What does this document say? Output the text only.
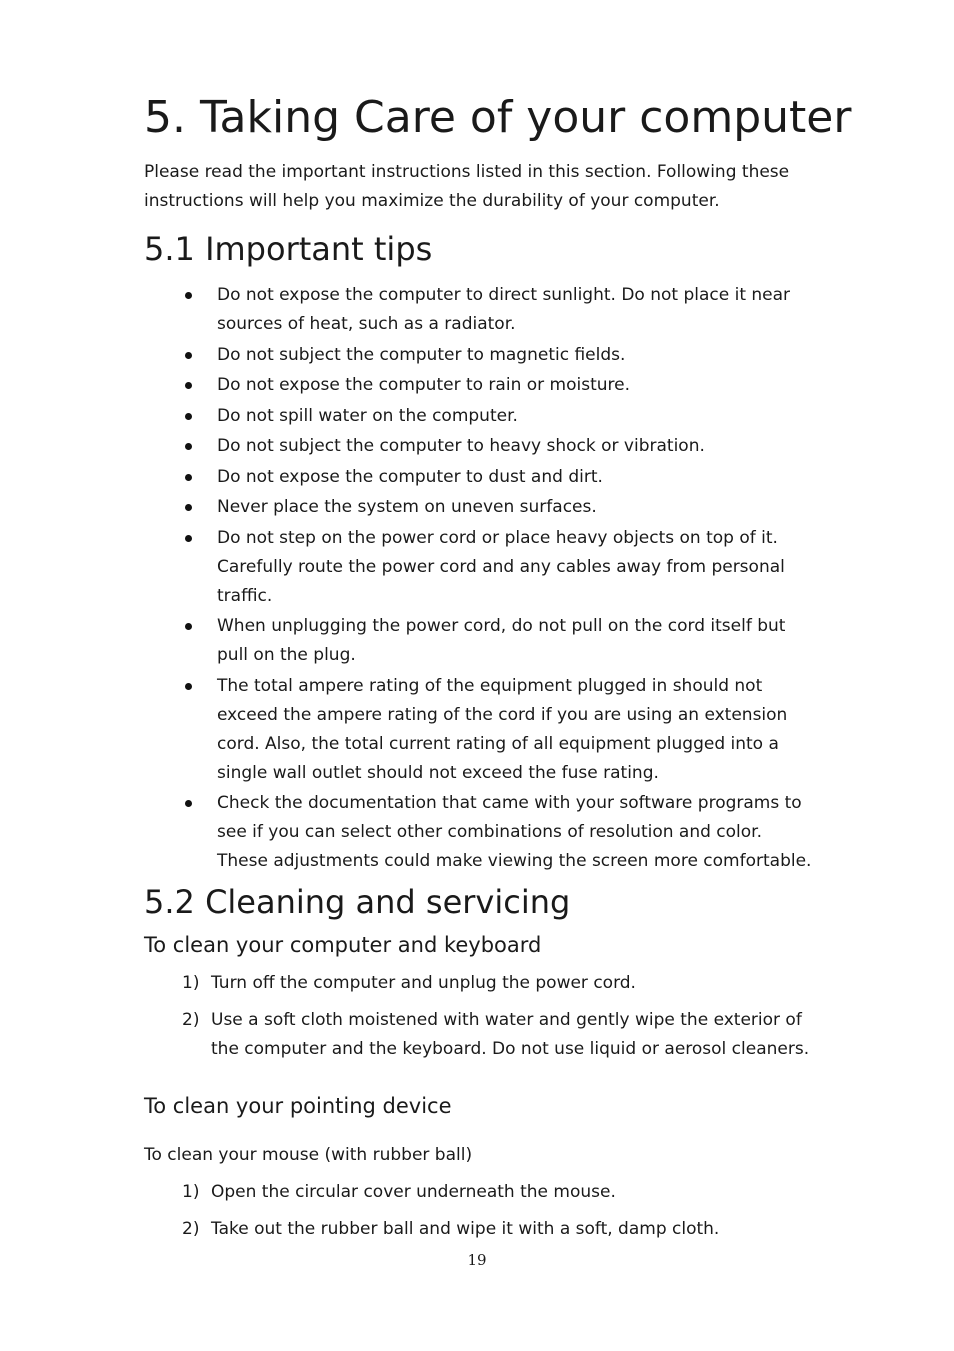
5. Taking Care of your computer

Please read the important instructions listed in this section. Following these instructions will help you maximize the durability of your computer.

5.1 Important tips
Do not expose the computer to direct sunlight. Do not place it near sources of heat, such as a radiator.
Do not subject the computer to magnetic fields.
Do not expose the computer to rain or moisture.
Do not spill water on the computer.
Do not subject the computer to heavy shock or vibration.
Do not expose the computer to dust and dirt.
Never place the system on uneven surfaces.
Do not step on the power cord or place heavy objects on top of it. Carefully route the power cord and any cables away from personal traffic.
When unplugging the power cord, do not pull on the cord itself but pull on the plug.
The total ampere rating of the equipment plugged in should not exceed the ampere rating of the cord if you are using an extension cord. Also, the total current rating of all equipment plugged into a single wall outlet should not exceed the fuse rating.
Check the documentation that came with your software programs to see if you can select other combinations of resolution and color. These adjustments could make viewing the screen more comfortable.
5.2 Cleaning and servicing
To clean your computer and keyboard
1) Turn off the computer and unplug the power cord.
2) Use a soft cloth moistened with water and gently wipe the exterior of the computer and the keyboard. Do not use liquid or aerosol cleaners.
To clean your pointing device

To clean your mouse (with rubber ball)

1) Open the circular cover underneath the mouse.
2) Take out the rubber ball and wipe it with a soft, damp cloth.
19
